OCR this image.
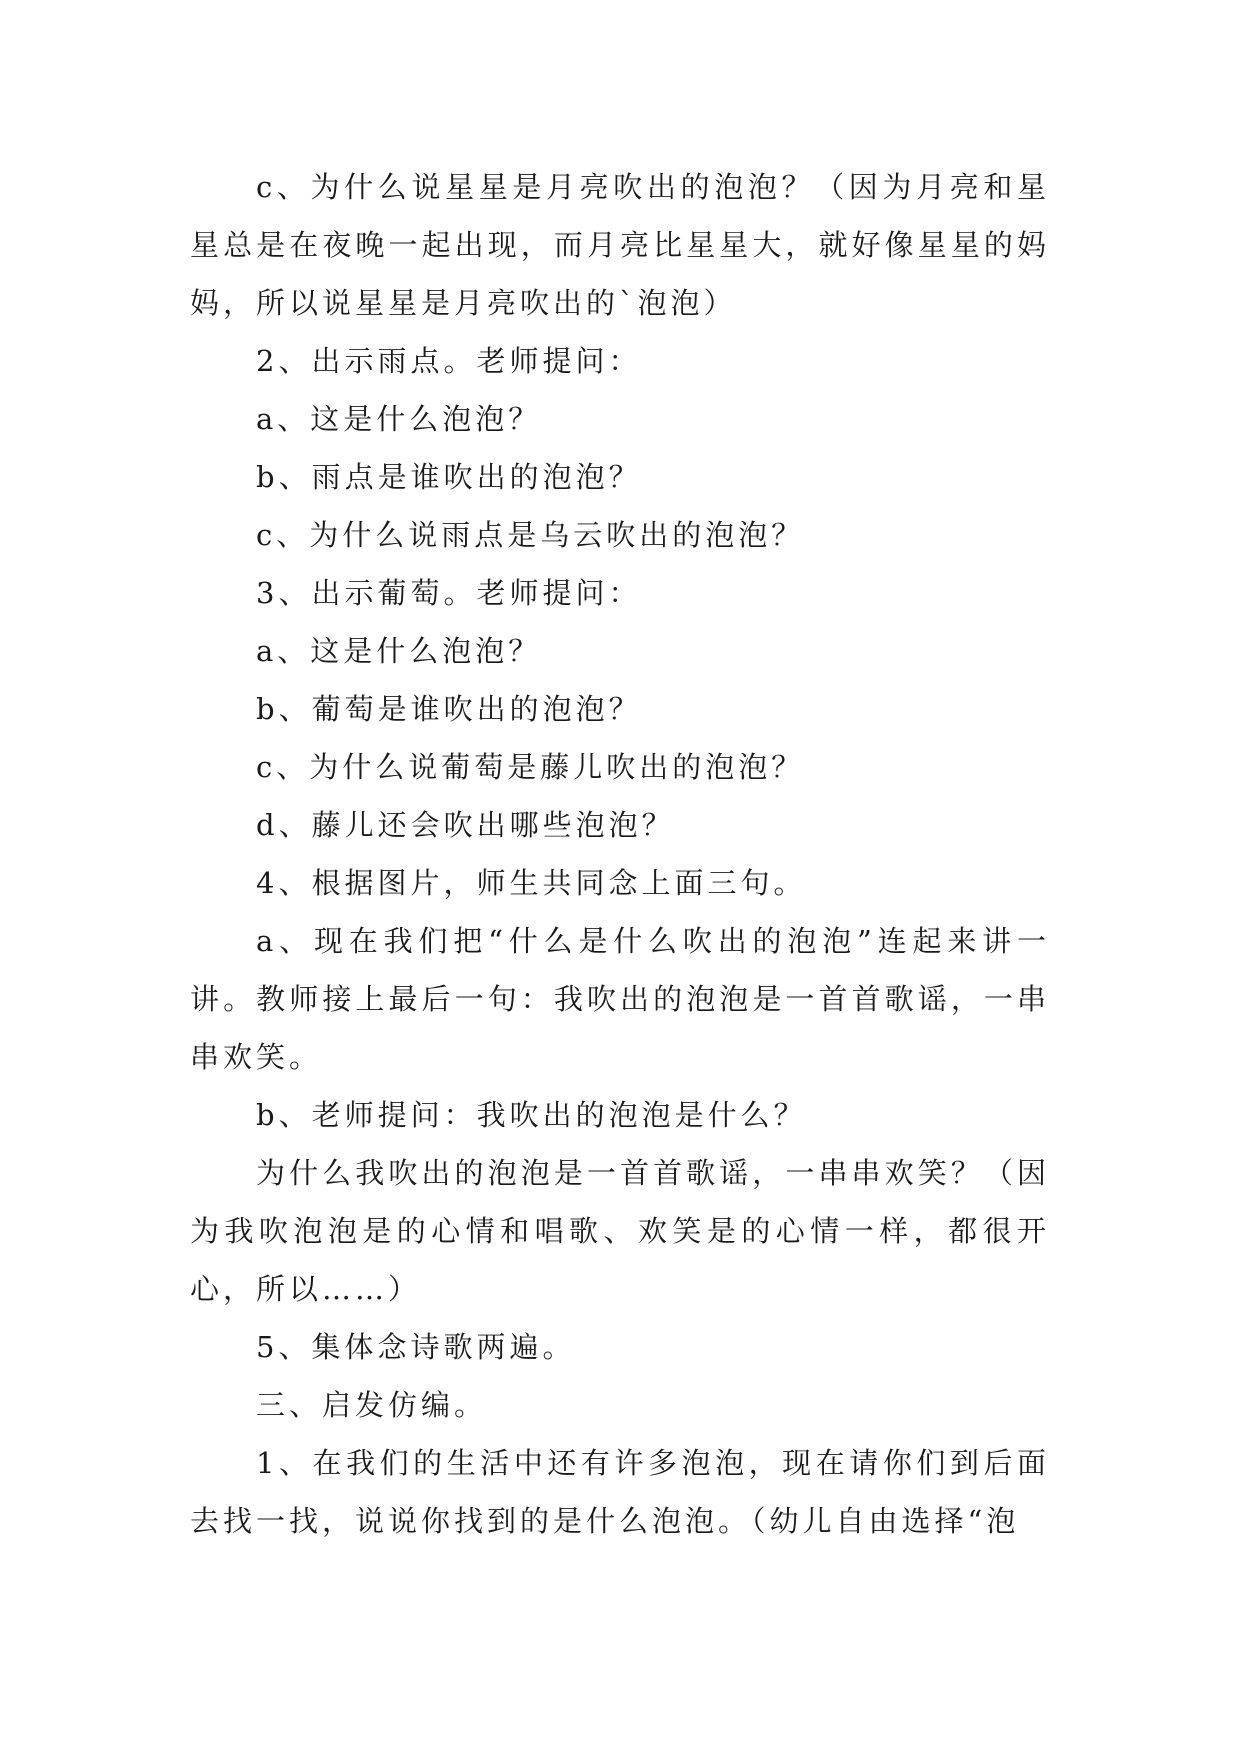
c、为什么说星星是月亮吹出的泡泡？（因为月亮和星星总是在夜晚一起出现，而月亮比星星大，就好像星星的妈妈，所以说星星是月亮吹出的`泡泡）

2、出示雨点。老师提问：

a、这是什么泡泡？

b、雨点是谁吹出的泡泡？

c、为什么说雨点是乌云吹出的泡泡？

3、出示葡萄。老师提问：

a、这是什么泡泡？

b、葡萄是谁吹出的泡泡？

c、为什么说葡萄是藤儿吹出的泡泡？

d、藤儿还会吹出哪些泡泡？

4、根据图片，师生共同念上面三句。

a、现在我们把“什么是什么吹出的泡泡”连起来讲一讲。教师接上最后一句：我吹出的泡泡是一首首歌谣，一串串欢笑。

b、老师提问：我吹出的泡泡是什么？

为什么我吹出的泡泡是一首首歌谣，一串串欢笑？（因为我吹泡泡是的心情和唱歌、欢笑是的心情一样，都很开心，所以……）

5、集体念诗歌两遍。

三、启发仿编。

1、在我们的生活中还有许多泡泡，现在请你们到后面去找一找，说说你找到的是什么泡泡。（幼儿自由选择“泡
